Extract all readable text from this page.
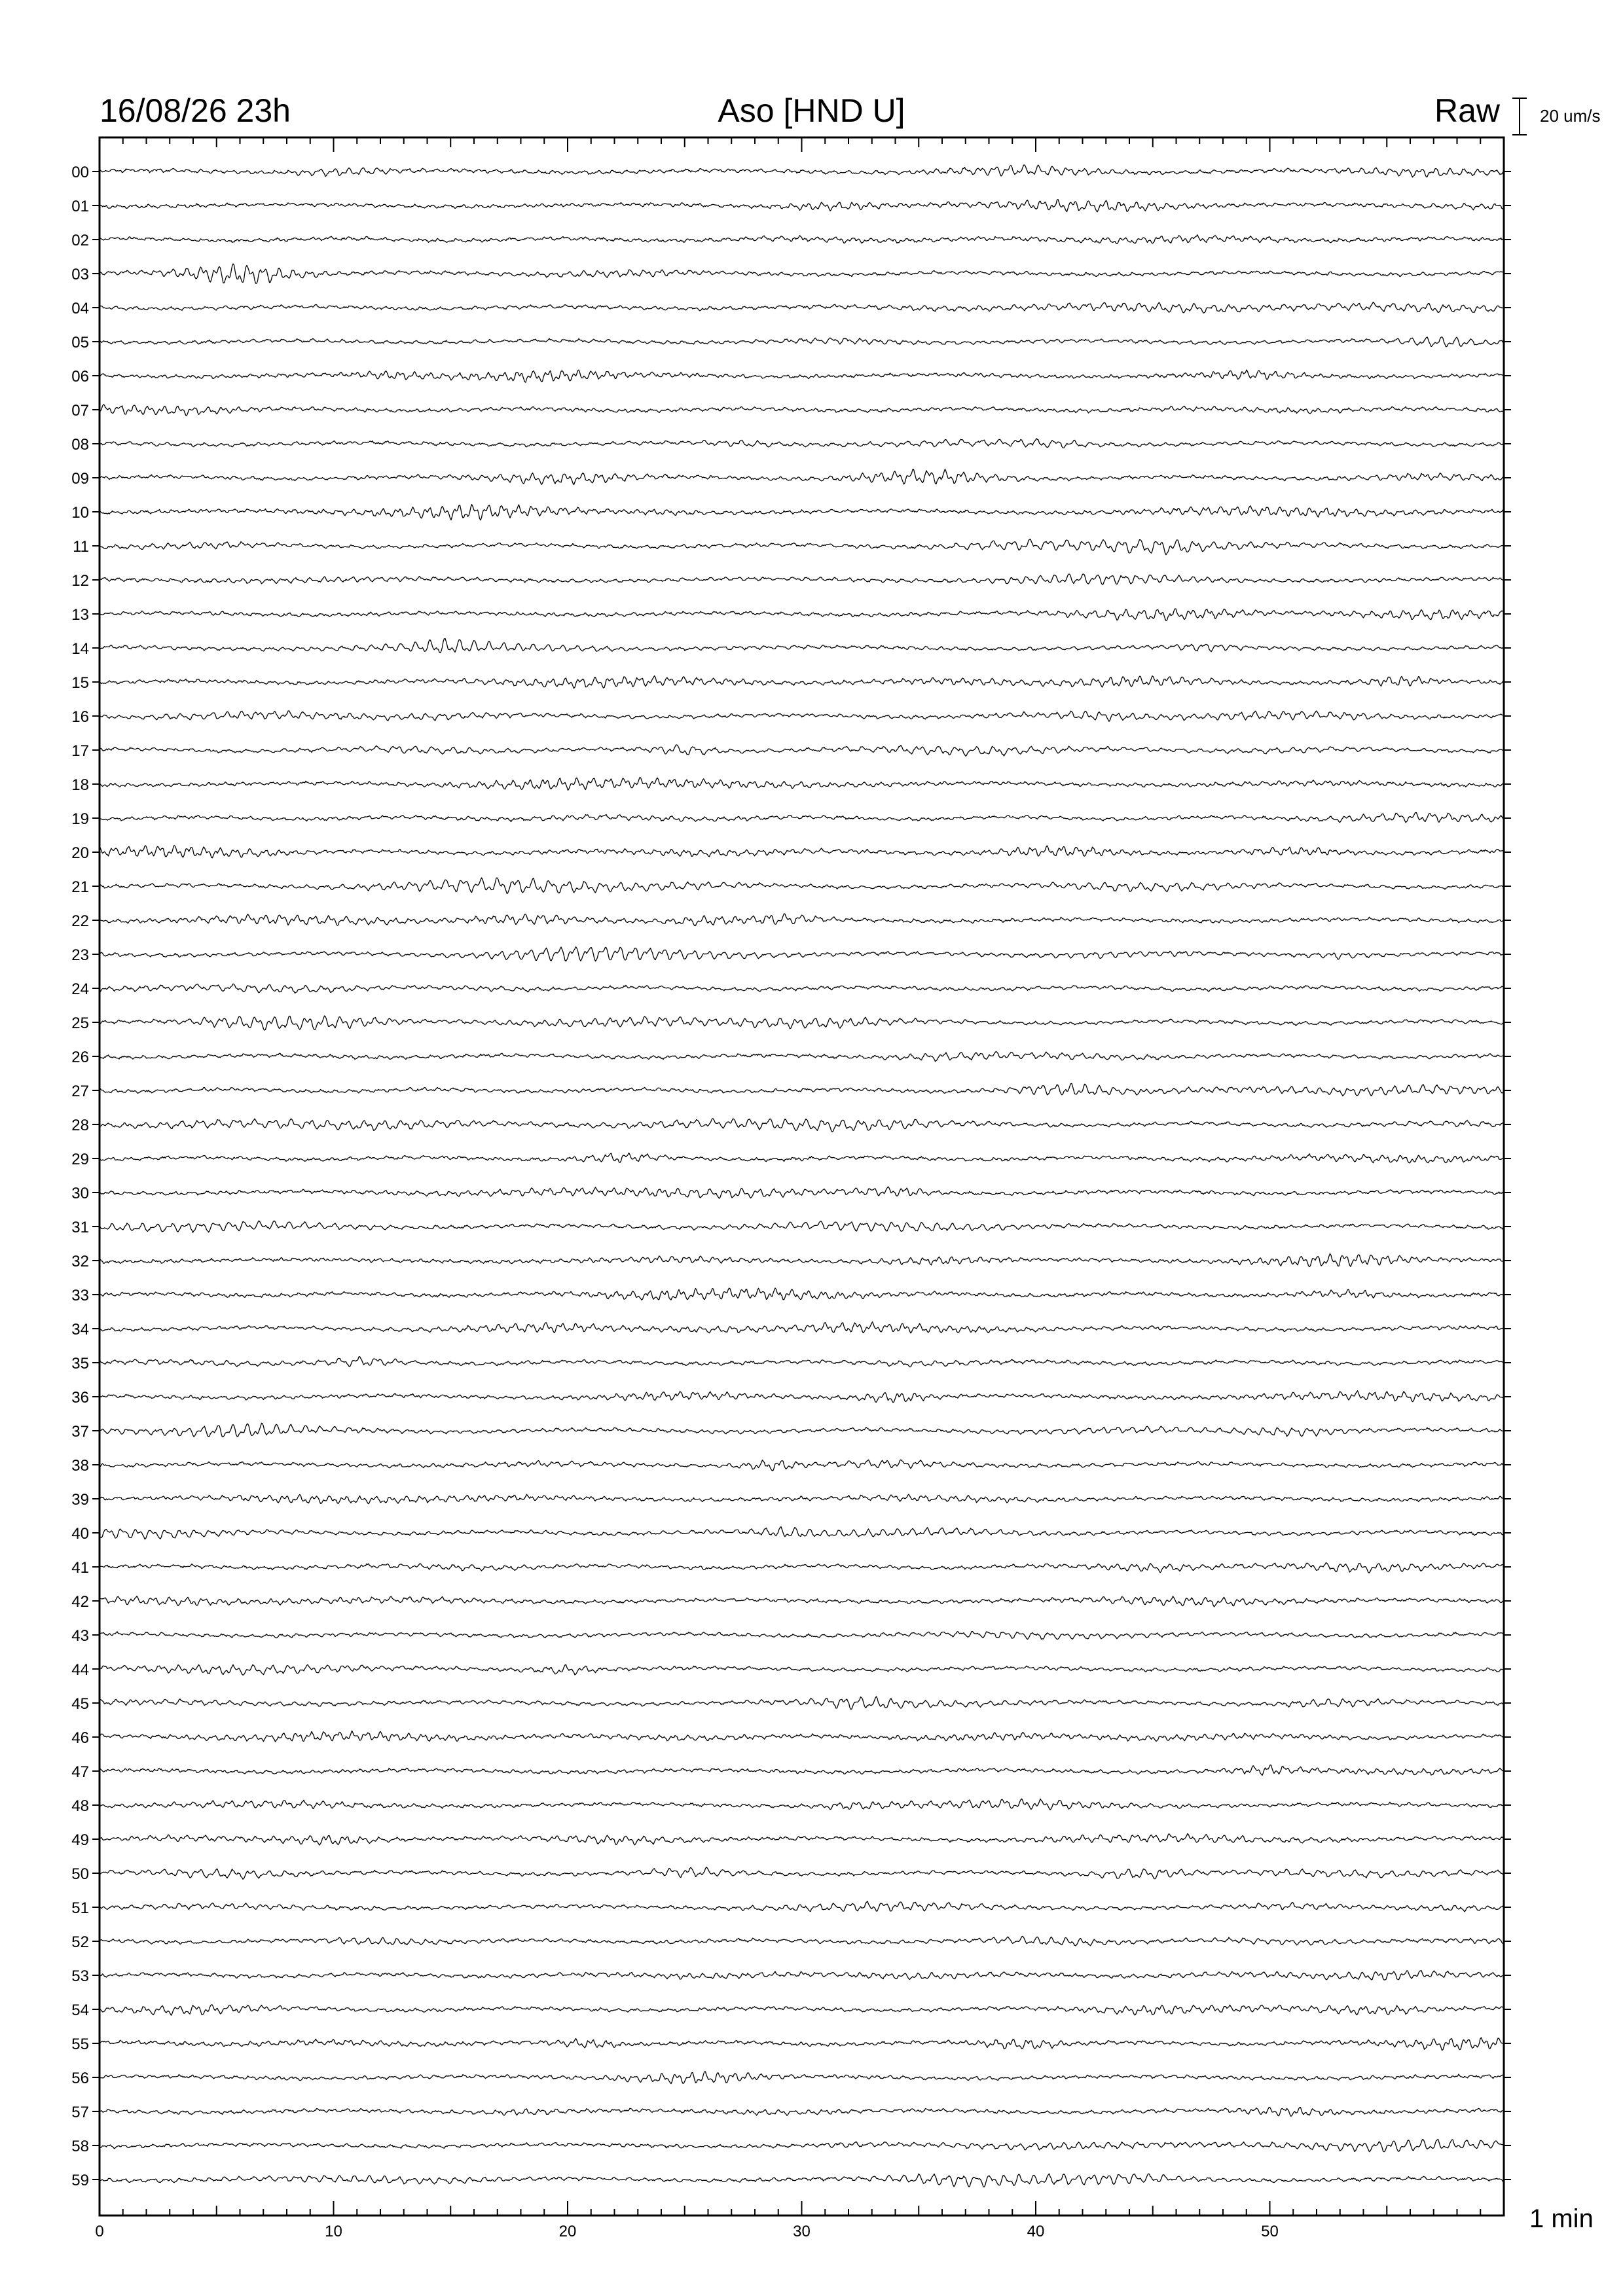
16/08/26 23h	Aso [HND U]	Raw 20 um/s
1 min
0	10	20	30	40	50
00
01
02
03
04
05
06
07
08
09
10
11
12
13
14
15
16
17
18
19
20
21
22
23
24
25
26
27
28
29
30
31
32
33
34
35
36
37
38
39
40
41
42
43
44
45
46
47
48
49
50
51
52
53
54
55
56
57
58
59
